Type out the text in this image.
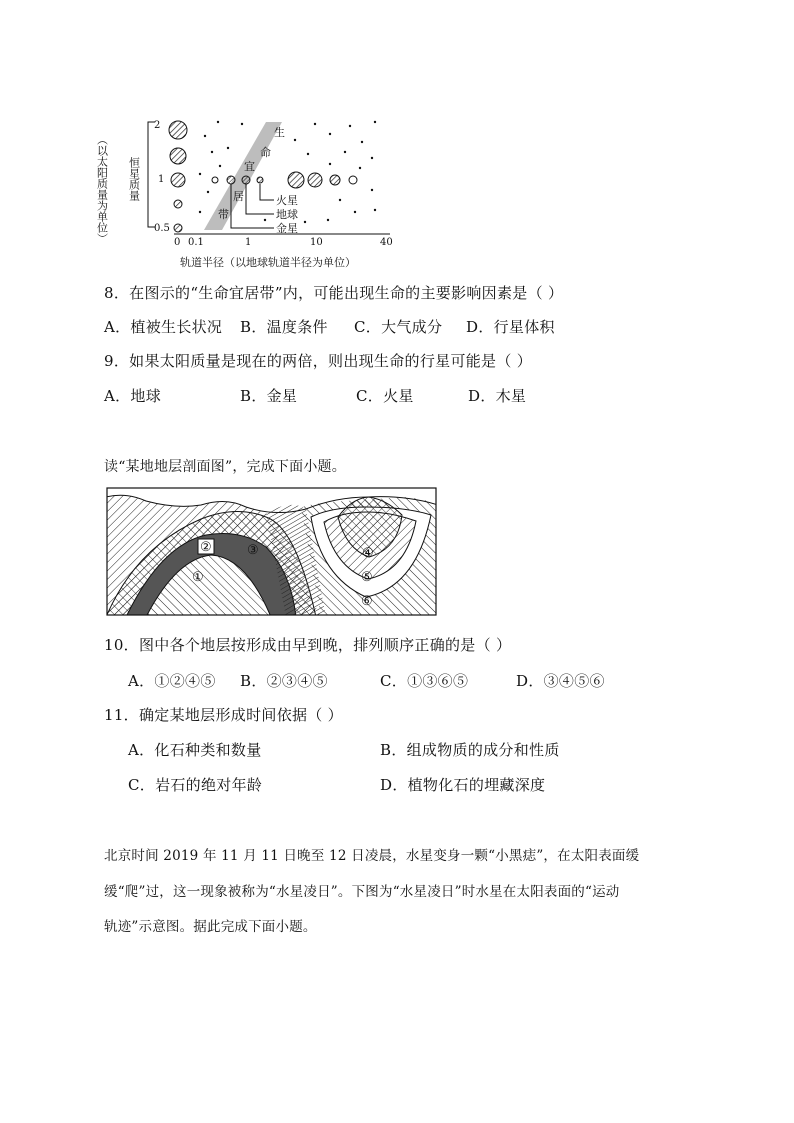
（以太阳质量为单位） 恒星质量
2
1
0.5
0 0.1	1	10	40
轨道半径（以地球轨道半径为单位）
生
命
宜
居
带
火星
地球
金星
8．在图示的“生命宜居带”内，可能出现生命的主要影响因素是（ ）
A．植被生长状况 B．温度条件 C．大气成分 D．行星体积
9．如果太阳质量是现在的两倍，则出现生命的行星可能是（ ）
A．地球	B．金星	C．火星	D．木星
读“某地地层剖面图”，完成下面小题。
②	③
①
④
⑤
⑥
10．图中各个地层按形成由早到晚，排列顺序正确的是（ ）
A．①②④⑤ B．②③④⑤	C．①③⑥⑤	D．③④⑤⑥
11．确定某地层形成时间依据（ ）
A．化石种类和数量	B．组成物质的成分和性质
C．岩石的绝对年龄	D．植物化石的埋藏深度
北京时间 2019 年 11 月 11 日晚至 12 日凌晨，水星变身一颗“小黑痣”，在太阳表面缓
缓“爬”过，这一现象被称为“水星凌日”。下图为“水星凌日”时水星在太阳表面的“运动
轨迹”示意图。据此完成下面小题。
